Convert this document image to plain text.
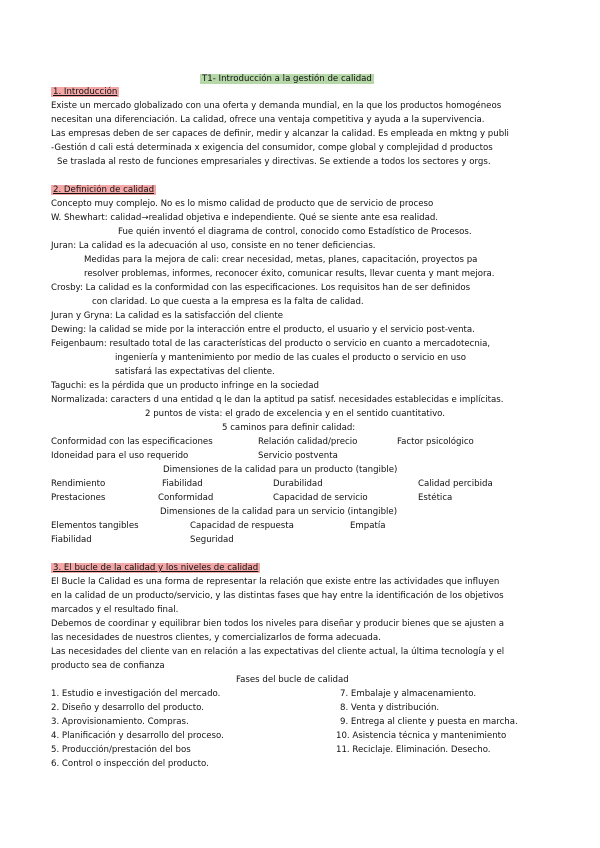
T1- Introducción a la gestión de calidad
1. Introducción
Existe un mercado globalizado con una oferta y demanda mundial, en la que los productos homogéneos
necesitan una diferenciación. La calidad, ofrece una ventaja competitiva y ayuda a la supervivencia.
Las empresas deben de ser capaces de definir, medir y alcanzar la calidad. Es empleada en mktng y publi
-Gestión d cali está determinada x exigencia del consumidor, compe global y complejidad d productos
Se traslada al resto de funciones empresariales y directivas. Se extiende a todos los sectores y orgs.
2. Definición de calidad
Concepto muy complejo. No es lo mismo calidad de producto que de servicio de proceso
W. Shewhart: calidad→realidad objetiva e independiente. Qué se siente ante esa realidad.
Fue quién inventó el diagrama de control, conocido como Estadístico de Procesos.
Juran: La calidad es la adecuación al uso, consiste en no tener deficiencias.
Medidas para la mejora de cali: crear necesidad, metas, planes, capacitación, proyectos pa
resolver problemas, informes, reconocer éxito, comunicar results, llevar cuenta y mant mejora.
Crosby: La calidad es la conformidad con las especificaciones. Los requisitos han de ser definidos
con claridad. Lo que cuesta a la empresa es la falta de calidad.
Juran y Gryna: La calidad es la satisfacción del cliente
Dewing: la calidad se mide por la interacción entre el producto, el usuario y el servicio post-venta.
Feigenbaum: resultado total de las características del producto o servicio en cuanto a mercadotecnia,
ingeniería y mantenimiento por medio de las cuales el producto o servicio en uso
satisfará las expectativas del cliente.
Taguchi: es la pérdida que un producto infringe en la sociedad
Normalizada: caracters d una entidad q le dan la aptitud pa satisf. necesidades establecidas e implícitas.
2 puntos de vista: el grado de excelencia y en el sentido cuantitativo.
5 caminos para definir calidad:
Conformidad con las especificaciones	Relación calidad/precio	Factor psicológico
Idoneidad para el uso requerido	Servicio postventa
Dimensiones de la calidad para un producto (tangible)
Rendimiento	Fiabilidad	Durabilidad	Calidad percibida
Prestaciones	Conformidad	Capacidad de servicio	Estética
Dimensiones de la calidad para un servicio (intangible)
Elementos tangibles	Capacidad de respuesta	Empatía
Fiabilidad	Seguridad
3. El bucle de la calidad y los niveles de calidad
El Bucle la Calidad es una forma de representar la relación que existe entre las actividades que influyen
en la calidad de un producto/servicio, y las distintas fases que hay entre la identificación de los objetivos
marcados y el resultado final.
Debemos de coordinar y equilibrar bien todos los niveles para diseñar y producir bienes que se ajusten a
las necesidades de nuestros clientes, y comercializarlos de forma adecuada.
Las necesidades del cliente van en relación a las expectativas del cliente actual, la última tecnología y el
producto sea de confianza
Fases del bucle de calidad
1. Estudio e investigación del mercado.
2. Diseño y desarrollo del producto.
3. Aprovisionamiento. Compras.
4. Planificación y desarrollo del proceso.
5. Producción/prestación del bos
6. Control o inspección del producto.
7. Embalaje y almacenamiento.
8. Venta y distribución.
9. Entrega al cliente y puesta en marcha.
10. Asistencia técnica y mantenimiento
11. Reciclaje. Eliminación. Desecho.
